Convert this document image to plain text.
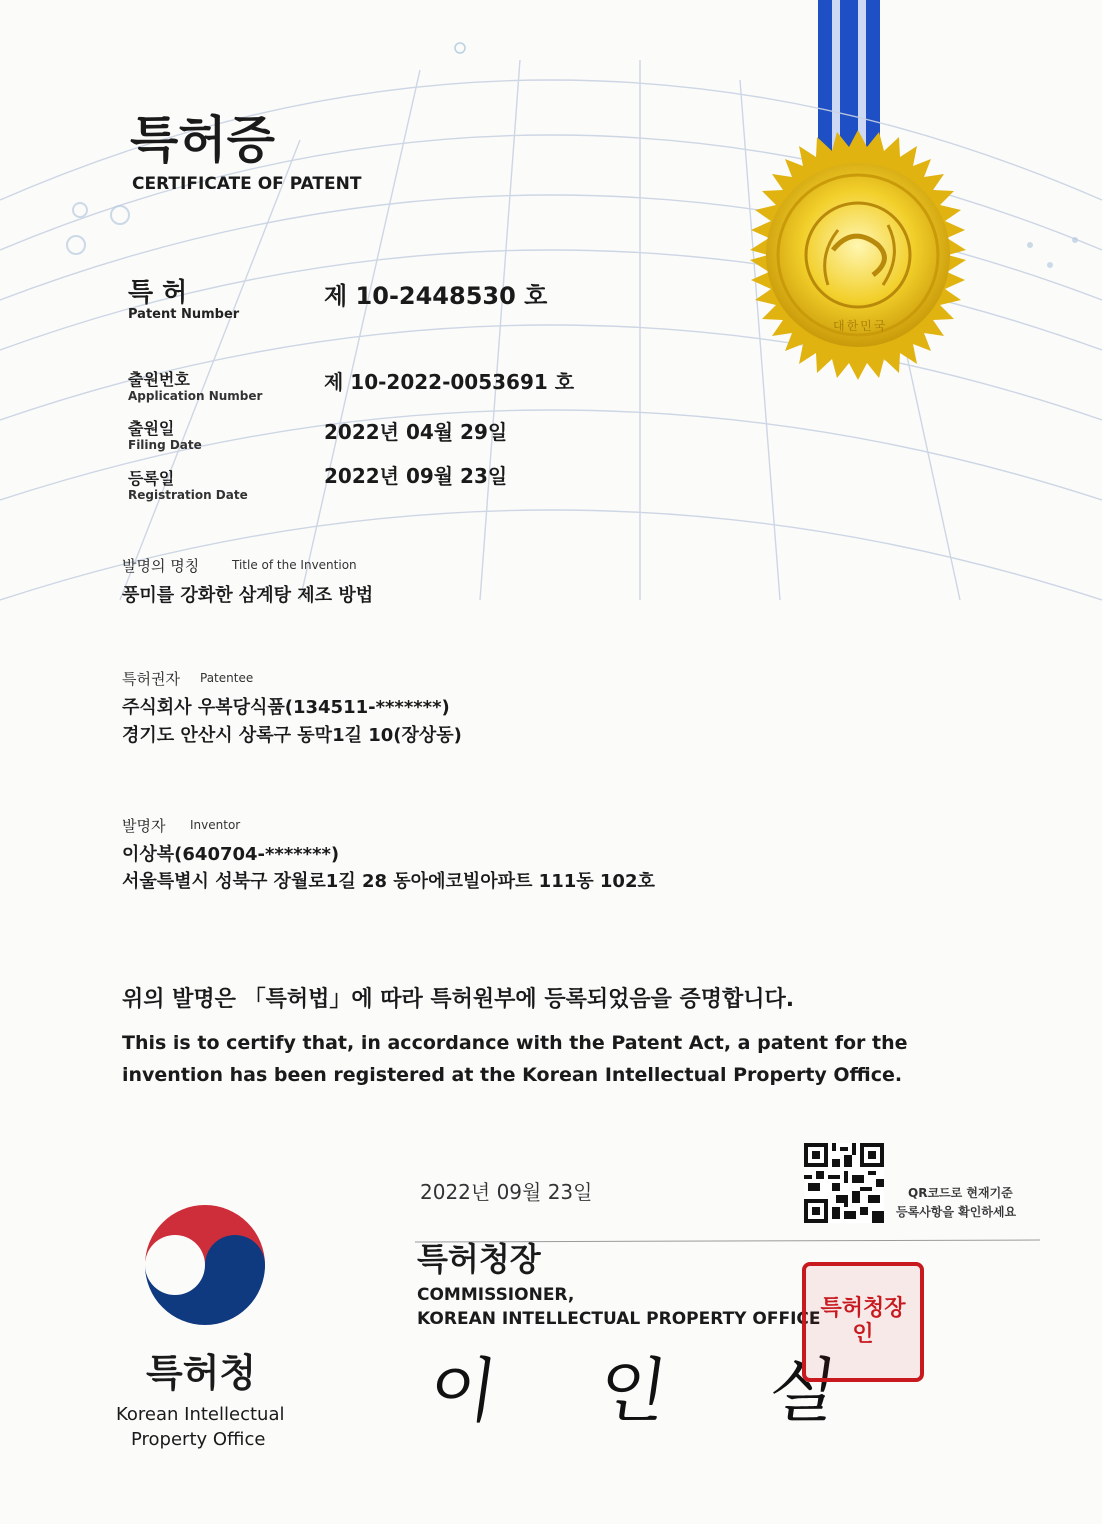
대한민국
특허증
CERTIFICATE OF PATENT
특 허
Patent Number
제 10-2448530 호
출원번호
Application Number
제 10-2022-0053691 호
출원일
Filing Date
2022년 04월 29일
등록일
Registration Date
2022년 09월 23일
발명의 명칭	Title of the Invention
풍미를 강화한 삼계탕 제조 방법
특허권자 Patentee
주식회사 우복당식품(134511-*******)
경기도 안산시 상록구 동막1길 10(장상동)
발명자 Inventor
이상복(640704-*******)
서울특별시 성북구 장월로1길 28 동아에코빌아파트 111동 102호
위의 발명은 「특허법」에 따라 특허원부에 등록되었음을 증명합니다.
This is to certify that, in accordance with the Patent Act, a patent for the
invention has been registered at the Korean Intellectual Property Office.
2022년 09월 23일	QR코드로 현재기준
등록사항을 확인하세요
특허청장
COMMISSIONER,
KOREAN INTELLECTUAL PROPERTY OFFICE
이 인 실
특허청장인
특허청
Korean Intellectual
Property Office
